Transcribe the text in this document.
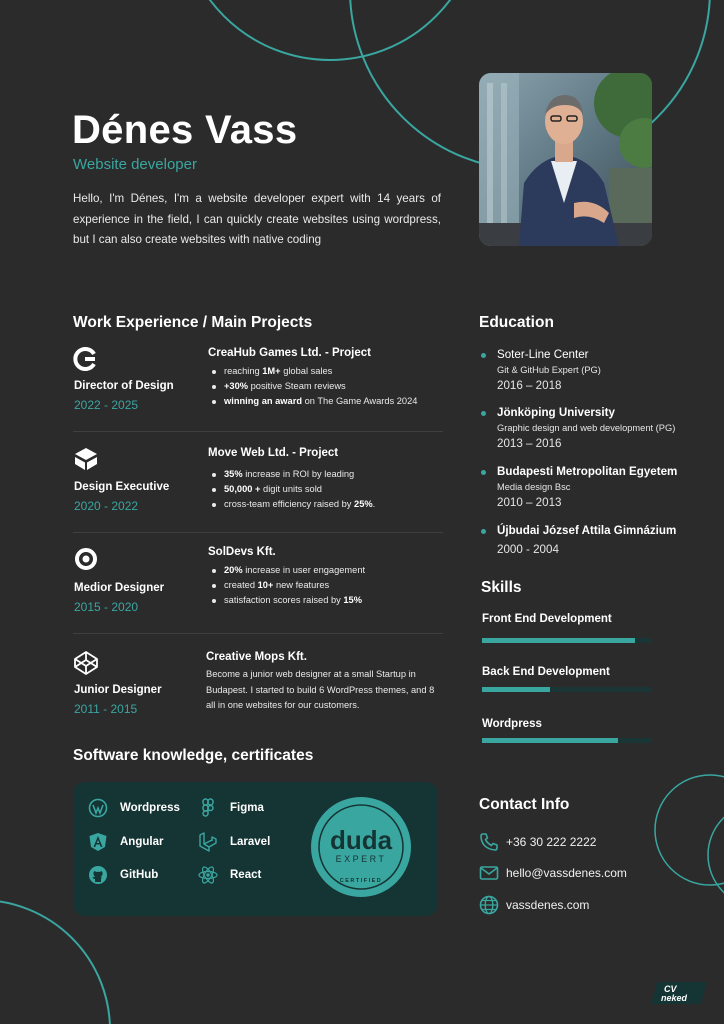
Dénes Vass
Website developer
Hello, I'm Dénes, I'm a website developer expert with 14 years of experience in the field, I can quickly create websites using wordpress, but I can also create websites with native coding
Work Experience / Main Projects
Director of Design
2022 - 2025
CreaHub Games Ltd. - Project
reaching 1M+ global sales
+30% positive Steam reviews
winning an award on The Game Awards 2024
Design Executive
2020 - 2022
Move Web Ltd. - Project
35% increase in ROI by leading
50,000 + digit units sold
cross-team efficiency raised by 25%.
Medior Designer
2015 - 2020
SolDevs Kft.
20% increase in user engagement
created 10+ new features
satisfaction scores raised by 15%
Junior Designer
2011 - 2015
Creative Mops Kft.
Become a junior web designer at a small Startup in Budapest. I started to build 6 WordPress themes, and 8 all in one websites for our customers.
Education
Soter-Line Center
Git & GitHub Expert (PG)
2016 – 2018
Jönköping University
Graphic design and web development (PG)
2013 – 2016
Budapesti Metropolitan Egyetem
Media design Bsc
2010 – 2013
Újbudai József Attila Gimnázium
2000 - 2004
Skills
Front End Development
Back End Development
Wordpress
Software knowledge, certificates
Wordpress	Figma
Angular	Laravel
GitHub	React
duda
EXPERT
CERTIFIED
Contact Info
+36 30 222 2222
hello@vassdenes.com
vassdenes.com
CV
neked
